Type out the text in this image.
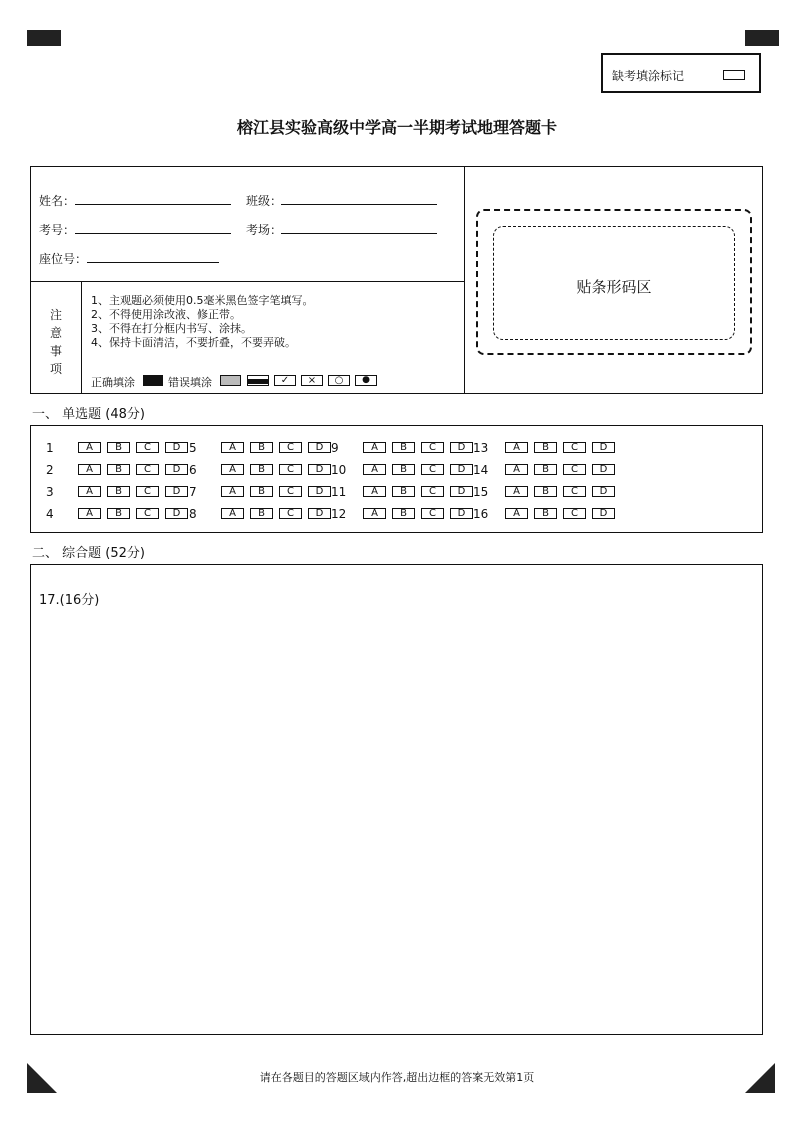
缺考填涂标记
榕江县实验高级中学高一半期考试地理答题卡
姓名：	班级：
考号：	考场：
座位号：
注
意
事
项
1、主观题必须使用0.5毫米黑色签字笔填写。
2、不得使用涂改液、修正带。
3、不得在打分框内书写、涂抹。
4、保持卡面清洁，不要折叠，不要弄破。
正确填涂	错误填涂	✓	×	○	●
贴条形码区
一、 单选题 (48分)
1	A	B	C	D 5	A	B	C	D 9	A	B	C	D 13	A	B	C	D
2	A	B	C	D 6	A	B	C	D 10	A	B	C	D 14	A	B	C	D
3	A	B	C	D 7	A	B	C	D 11	A	B	C	D 15	A	B	C	D
4	A	B	C	D 8	A	B	C	D 12	A	B	C	D 16	A	B	C	D
二、 综合题 (52分)
17.(16分)
请在各题目的答题区域内作答,超出边框的答案无效第1页
